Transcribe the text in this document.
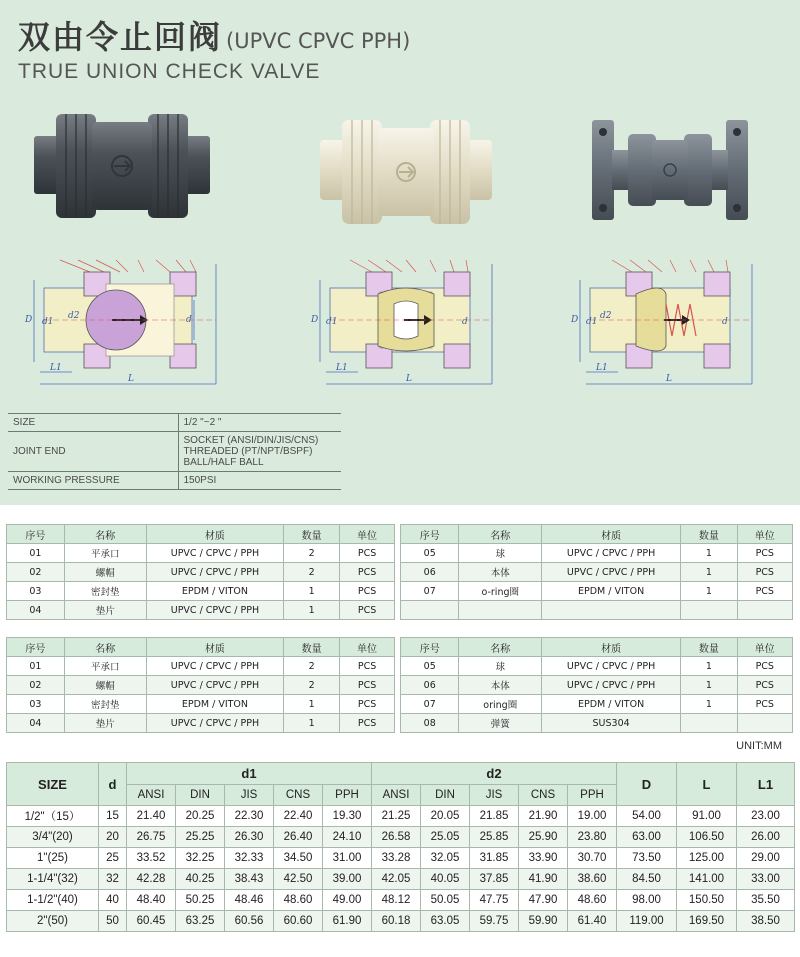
双由令止回阀 (UPVC CPVC PPH)
TRUE UNION CHECK VALVE
D d1
d2	d
L1
L
D d1	d
L1
L
D d1
d2
d
L1
L
SIZE	1/2 "~2 "
JOINT END	SOCKET (ANSI/DIN/JIS/CNS)
THREADED (PT/NPT/BSPF)
BALL/HALF BALL

WORKING PRESSURE	150PSI
序号	名称	材质	数量	单位
01	平承口	UPVC / CPVC / PPH	2	PCS
02	螺帽	UPVC / CPVC / PPH	2	PCS
03	密封垫	EPDM / VITON	1	PCS
04	垫片	UPVC / CPVC / PPH	1	PCS
序号	名称	材质	数量	单位
05	球	UPVC / CPVC / PPH	1	PCS
06	本体	UPVC / CPVC / PPH	1	PCS
07	o-ring圈	EPDM / VITON	1	PCS

序号	名称	材质	数量	单位
01	平承口	UPVC / CPVC / PPH	2	PCS
02	螺帽	UPVC / CPVC / PPH	2	PCS
03	密封垫	EPDM / VITON	1	PCS
04	垫片	UPVC / CPVC / PPH	1	PCS
序号	名称	材质	数量	单位
05	球	UPVC / CPVC / PPH	1	PCS
06	本体	UPVC / CPVC / PPH	1	PCS
07	oring圈	EPDM / VITON	1	PCS
08	弹簧	SUS304		
UNIT:MM
SIZE	d	d1					d2					D	L	L1
		ANSI	DIN	JIS	CNS	PPH	ANSI	DIN	JIS	CNS	PPH			
1/2"（15）	15	21.40	20.25	22.30	22.40	19.30	21.25	20.05	21.85	21.90	19.00	54.00	91.00	23.00
3/4"(20)	20	26.75	25.25	26.30	26.40	24.10	26.58	25.05	25.85	25.90	23.80	63.00	106.50	26.00
1"(25)	25	33.52	32.25	32.33	34.50	31.00	33.28	32.05	31.85	33.90	30.70	73.50	125.00	29.00
1-1/4"(32)	32	42.28	40.25	38.43	42.50	39.00	42.05	40.05	37.85	41.90	38.60	84.50	141.00	33.00
1-1/2"(40)	40	48.40	50.25	48.46	48.60	49.00	48.12	50.05	47.75	47.90	48.60	98.00	150.50	35.50
2"(50)	50	60.45	63.25	60.56	60.60	61.90	60.18	63.05	59.75	59.90	61.40	119.00	169.50	38.50
